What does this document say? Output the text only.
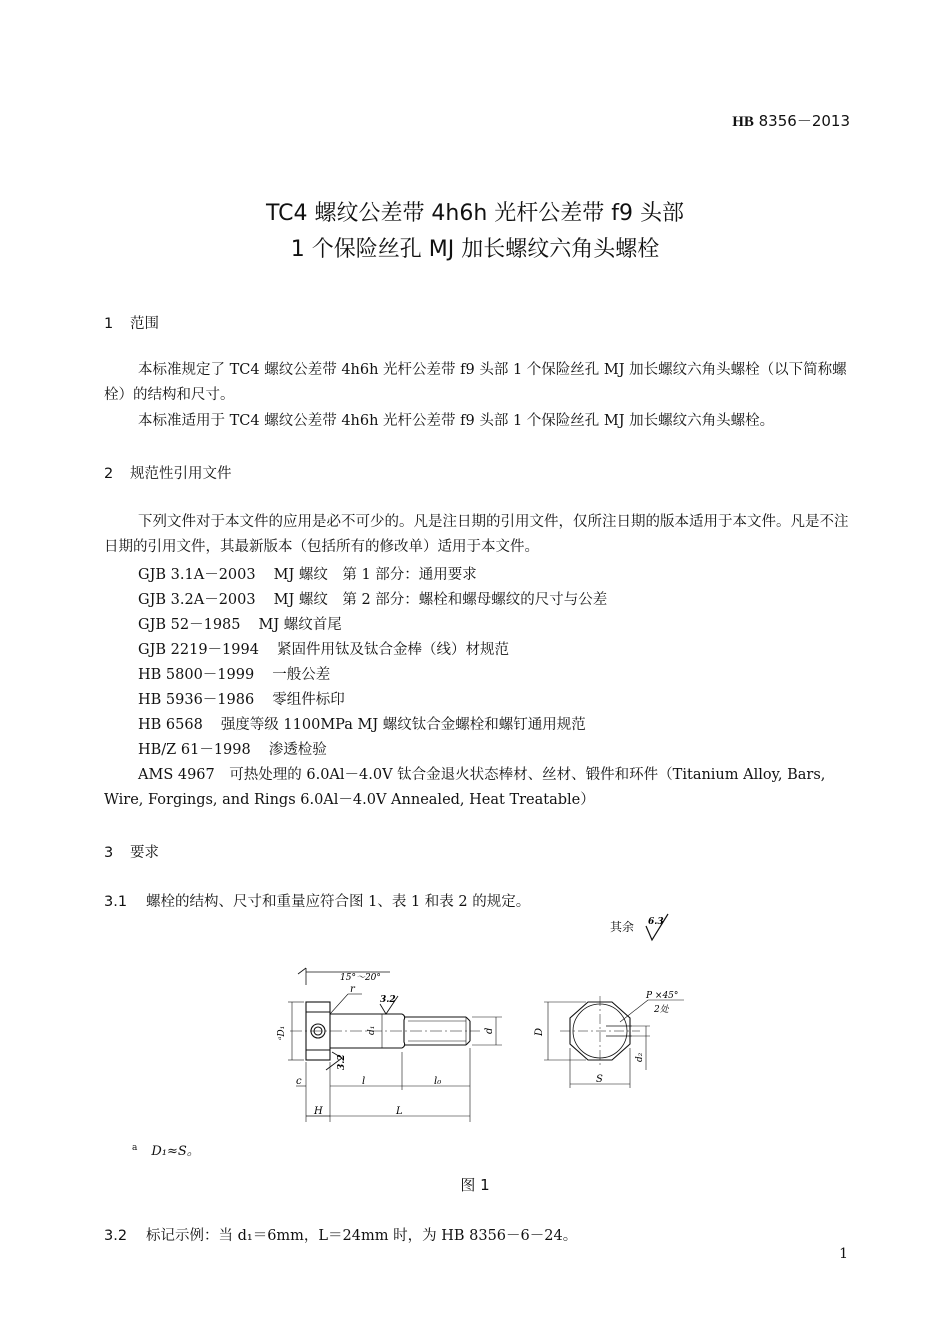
HB 8356－2013
TC4 螺纹公差带 4h6h 光杆公差带 f9 头部
1 个保险丝孔 MJ 加长螺纹六角头螺栓
1 范围
本标准规定了 TC4 螺纹公差带 4h6h 光杆公差带 f9 头部 1 个保险丝孔 MJ 加长螺纹六角头螺栓（以下简称螺栓）的结构和尺寸。
本标准适用于 TC4 螺纹公差带 4h6h 光杆公差带 f9 头部 1 个保险丝孔 MJ 加长螺纹六角头螺栓。
2 规范性引用文件
下列文件对于本文件的应用是必不可少的。凡是注日期的引用文件，仅所注日期的版本适用于本文件。凡是不注日期的引用文件，其最新版本（包括所有的修改单）适用于本文件。
GJB 3.1A－2003 MJ 螺纹　第 1 部分：通用要求
GJB 3.2A－2003 MJ 螺纹　第 2 部分：螺栓和螺母螺纹的尺寸与公差
GJB 52－1985 MJ 螺纹首尾
GJB 2219－1994 紧固件用钛及钛合金棒（线）材规范
HB 5800－1999 一般公差
HB 5936－1986 零组件标印
HB 6568 强度等级 1100MPa MJ 螺纹钛合金螺栓和螺钉通用规范
HB/Z 61－1998 渗透检验
AMS 4967　可热处理的 6.0Al－4.0V 钛合金退火状态棒材、丝材、锻件和环件（Titanium Alloy, Bars, Wire, Forgings, and Rings 6.0Al－4.0V Annealed, Heat Treatable）
3 要求
3.1 螺栓的结构、尺寸和重量应符合图 1、表 1 和表 2 的规定。
其余 6.3
15°～20°
r
3.2
3.2
d₁
ᵃD₁	d
c	l	l₀
H	L
D
S
d₂
P ×45°
2处
$^a$ D₁≈S。
图 1
3.2 标记示例：当 d₁＝6mm，L＝24mm 时，为 HB 8356－6－24。
1
